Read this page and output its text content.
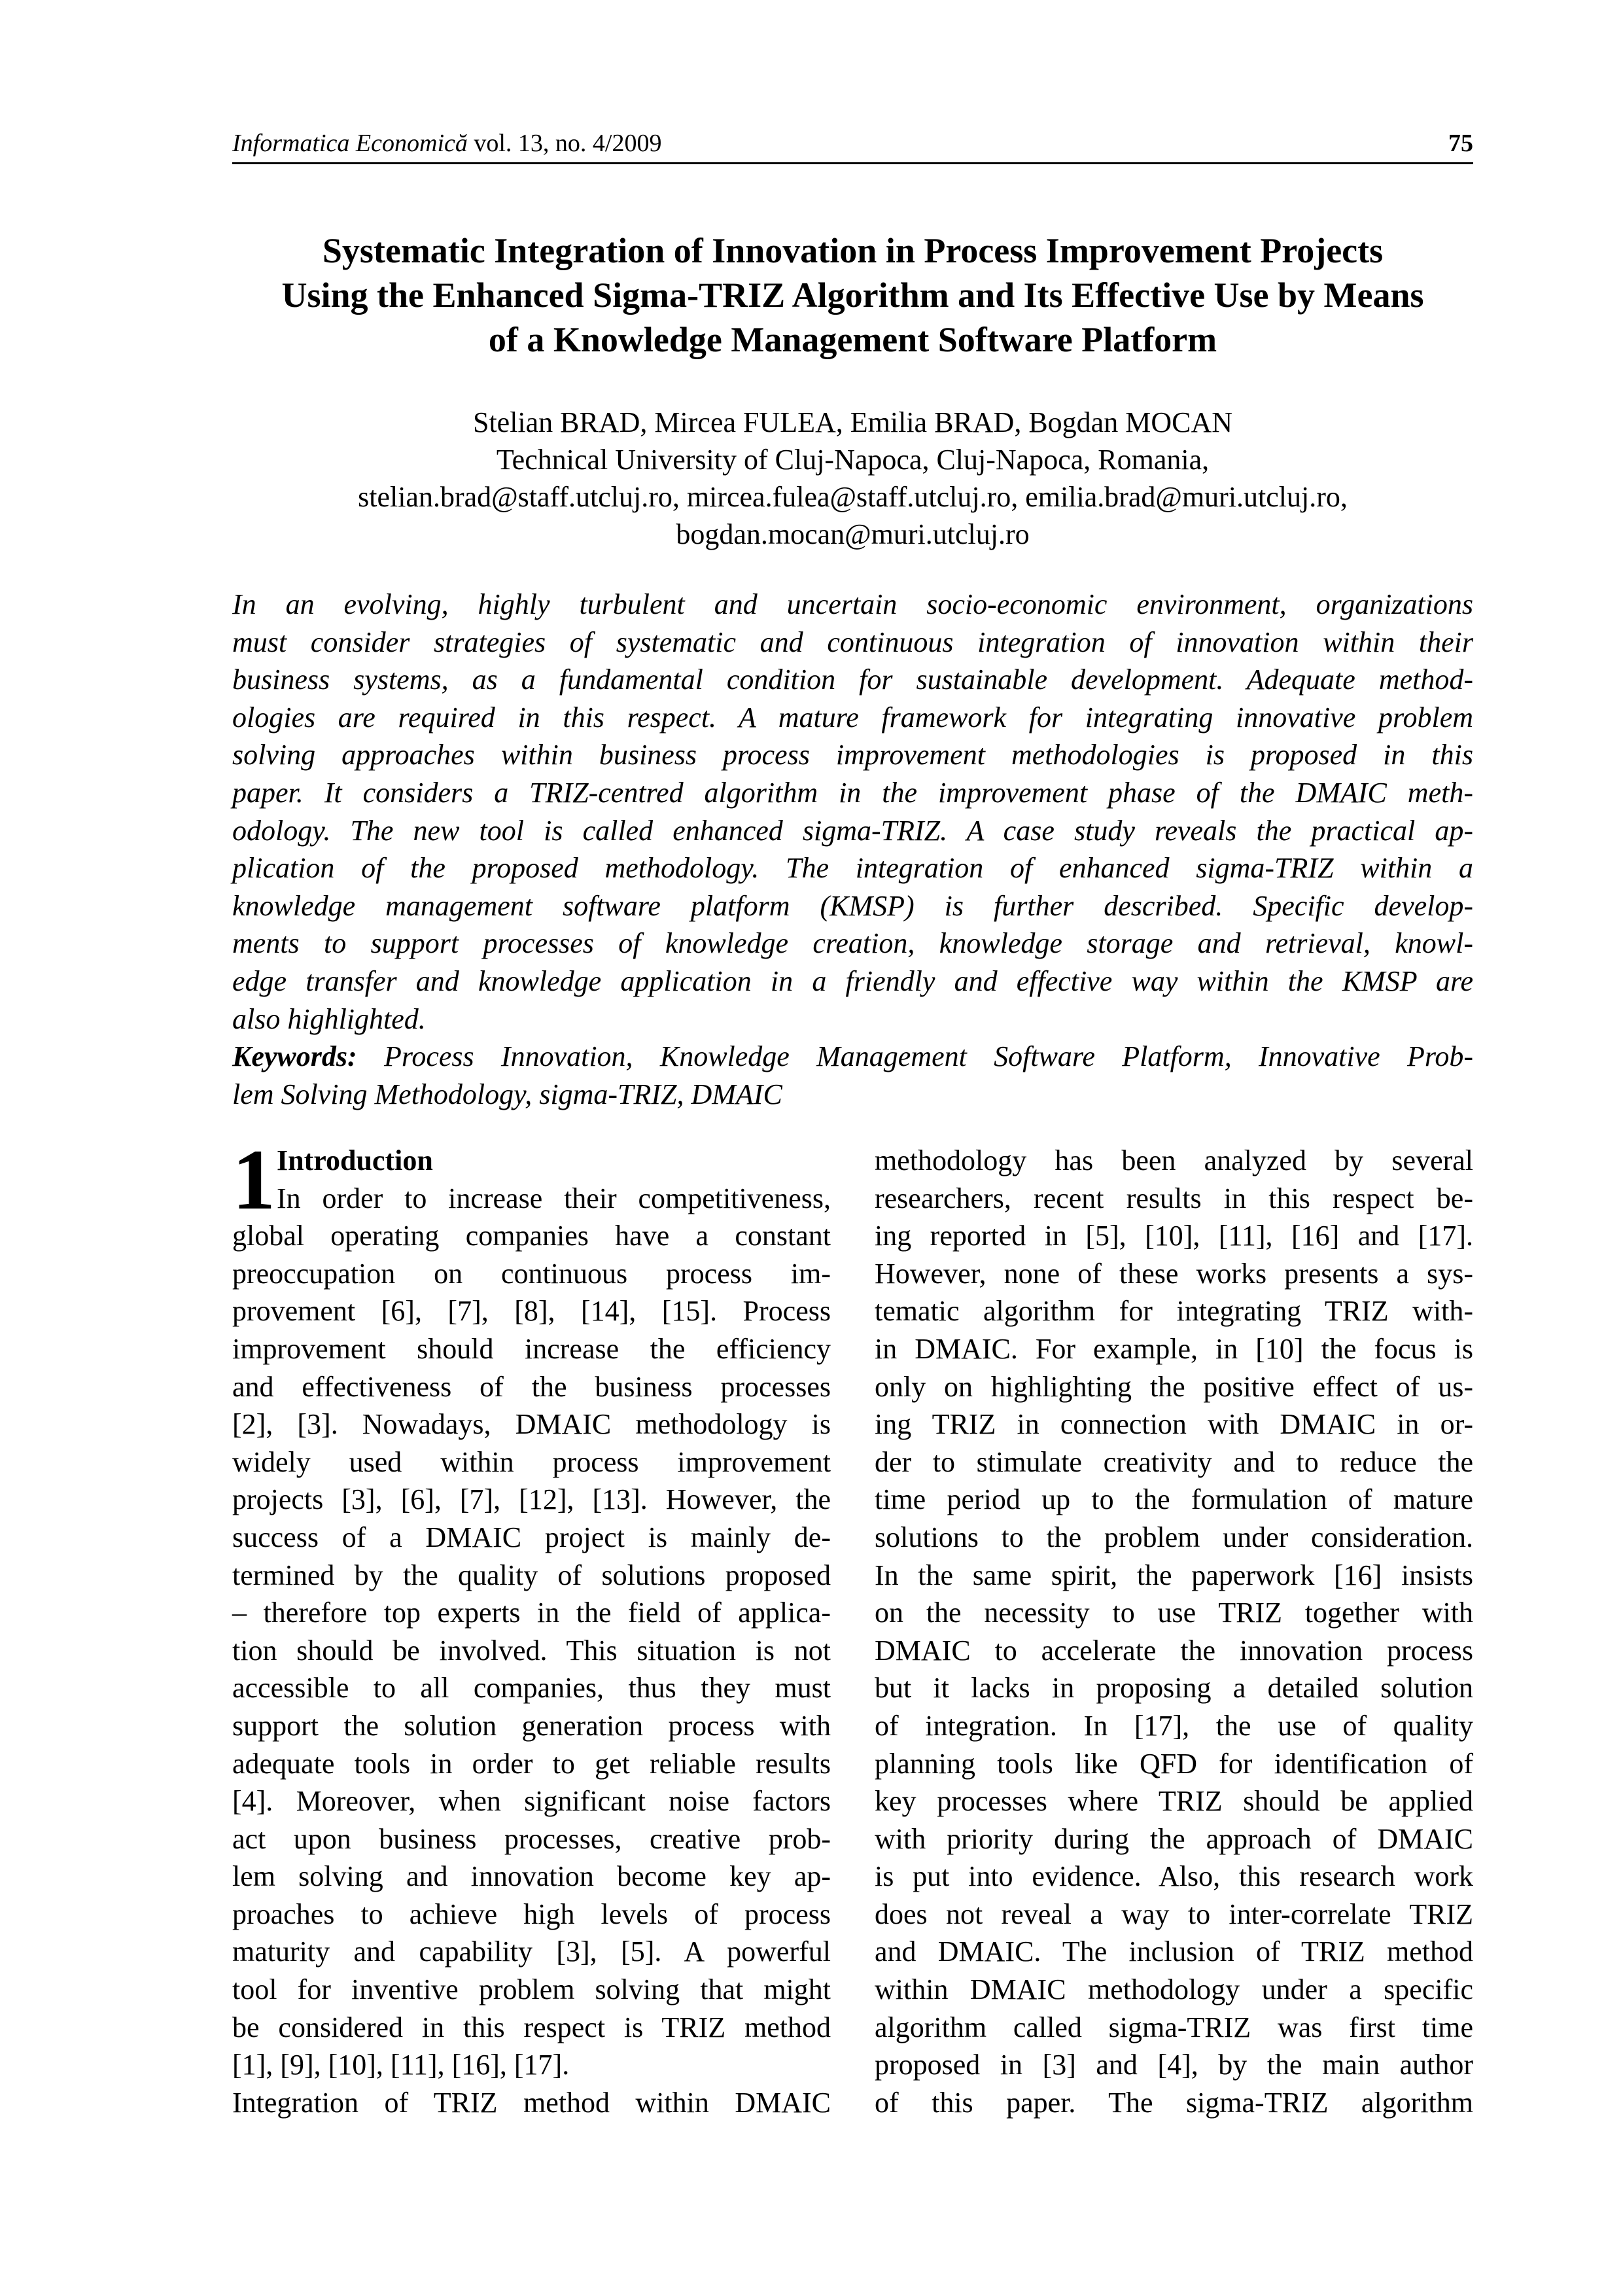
Informatica Economică vol. 13, no. 4/2009	75
Systematic Integration of Innovation in Process Improvement Projects
Using the Enhanced Sigma-TRIZ Algorithm and Its Effective Use by Means
of a Knowledge Management Software Platform
Stelian BRAD, Mircea FULEA, Emilia BRAD, Bogdan MOCAN
Technical University of Cluj-Napoca, Cluj-Napoca, Romania,
stelian.brad@staff.utcluj.ro, mircea.fulea@staff.utcluj.ro, emilia.brad@muri.utcluj.ro,
bogdan.mocan@muri.utcluj.ro
In an evolving, highly turbulent and uncertain socio-economic environment, organizations
must consider strategies of systematic and continuous integration of innovation within their
business systems, as a fundamental condition for sustainable development. Adequate method-
ologies are required in this respect. A mature framework for integrating innovative problem
solving approaches within business process improvement methodologies is proposed in this
paper. It considers a TRIZ-centred algorithm in the improvement phase of the DMAIC meth-
odology. The new tool is called enhanced sigma-TRIZ. A case study reveals the practical ap-
plication of the proposed methodology. The integration of enhanced sigma-TRIZ within a
knowledge management software platform (KMSP) is further described. Specific develop-
ments to support processes of knowledge creation, knowledge storage and retrieval, knowl-
edge transfer and knowledge application in a friendly and effective way within the KMSP are
also highlighted.
Keywords: Process Innovation, Knowledge Management Software Platform, Innovative Prob-
lem Solving Methodology, sigma-TRIZ, DMAIC
1 Introduction
In order to increase their competitiveness,
global operating companies have a constant
preoccupation on continuous process im-
provement [6], [7], [8], [14], [15]. Process
improvement should increase the efficiency
and effectiveness of the business processes
[2], [3]. Nowadays, DMAIC methodology is
widely used within process improvement
projects [3], [6], [7], [12], [13]. However, the
success of a DMAIC project is mainly de-
termined by the quality of solutions proposed
– therefore top experts in the field of applica-
tion should be involved. This situation is not
accessible to all companies, thus they must
support the solution generation process with
adequate tools in order to get reliable results
[4]. Moreover, when significant noise factors
act upon business processes, creative prob-
lem solving and innovation become key ap-
proaches to achieve high levels of process
maturity and capability [3], [5]. A powerful
tool for inventive problem solving that might
be considered in this respect is TRIZ method
[1], [9], [10], [11], [16], [17].
Integration of TRIZ method within DMAIC
methodology has been analyzed by several
researchers, recent results in this respect be-
ing reported in [5], [10], [11], [16] and [17].
However, none of these works presents a sys-
tematic algorithm for integrating TRIZ with-
in DMAIC. For example, in [10] the focus is
only on highlighting the positive effect of us-
ing TRIZ in connection with DMAIC in or-
der to stimulate creativity and to reduce the
time period up to the formulation of mature
solutions to the problem under consideration.
In the same spirit, the paperwork [16] insists
on the necessity to use TRIZ together with
DMAIC to accelerate the innovation process
but it lacks in proposing a detailed solution
of integration. In [17], the use of quality
planning tools like QFD for identification of
key processes where TRIZ should be applied
with priority during the approach of DMAIC
is put into evidence. Also, this research work
does not reveal a way to inter-correlate TRIZ
and DMAIC. The inclusion of TRIZ method
within DMAIC methodology under a specific
algorithm called sigma-TRIZ was first time
proposed in [3] and [4], by the main author
of this paper. The sigma-TRIZ algorithm
